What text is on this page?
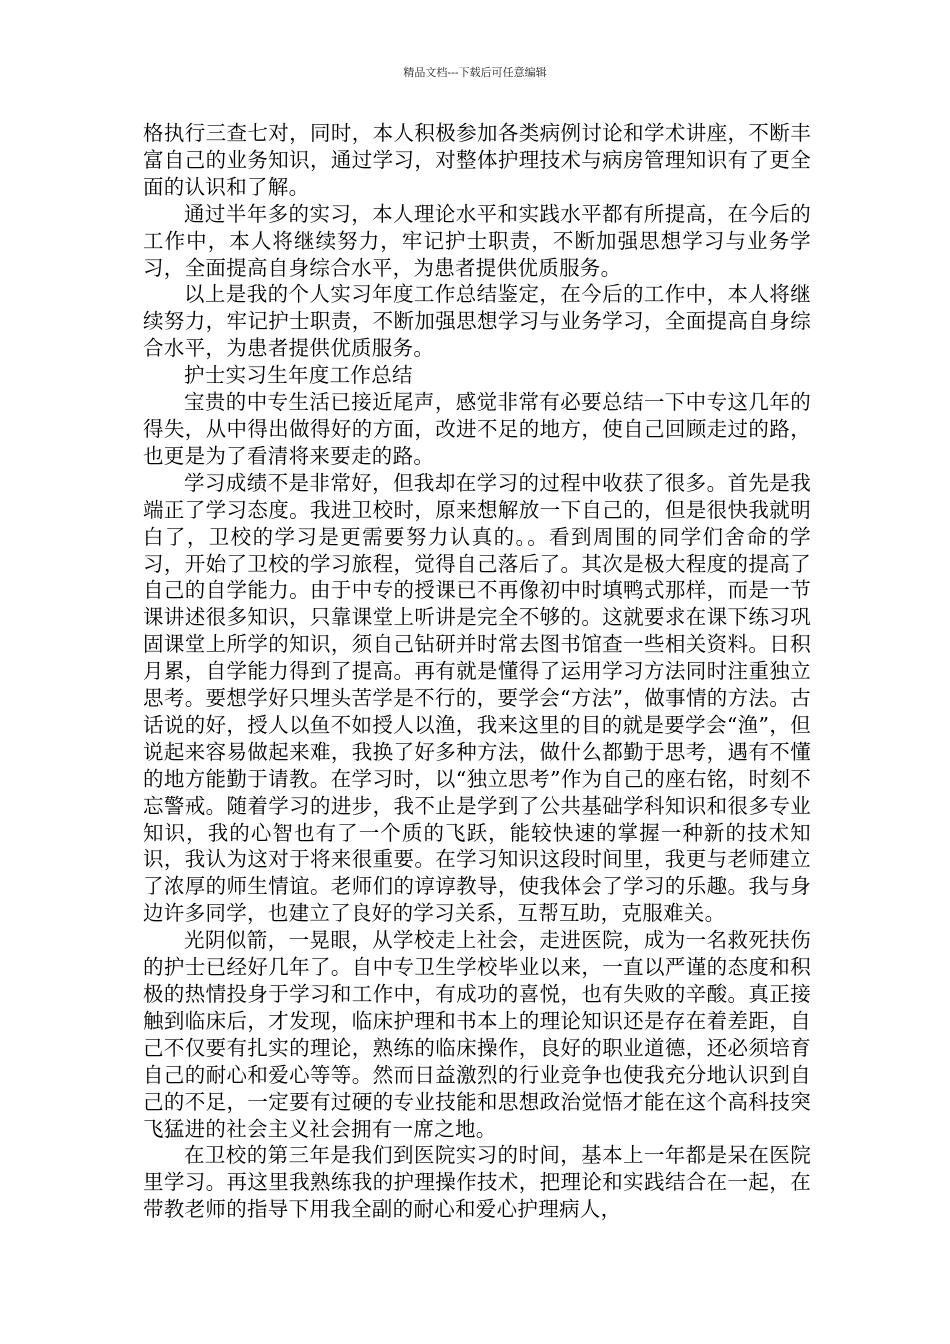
精品文档---下载后可任意编辑

格执行三查七对，同时，本人积极参加各类病例讨论和学术讲座，不断丰富自己的业务知识，通过学习，对整体护理技术与病房管理知识有了更全面的认识和了解。

通过半年多的实习，本人理论水平和实践水平都有所提高，在今后的工作中，本人将继续努力，牢记护士职责，不断加强思想学习与业务学习，全面提高自身综合水平，为患者提供优质服务。

以上是我的个人实习年度工作总结鉴定，在今后的工作中，本人将继续努力，牢记护士职责，不断加强思想学习与业务学习，全面提高自身综合水平，为患者提供优质服务。

护士实习生年度工作总结

宝贵的中专生活已接近尾声，感觉非常有必要总结一下中专这几年的得失，从中得出做得好的方面，改进不足的地方，使自己回顾走过的路，也更是为了看清将来要走的路。

学习成绩不是非常好，但我却在学习的过程中收获了很多。首先是我端正了学习态度。我进卫校时，原来想解放一下自己的，但是很快我就明白了，卫校的学习是更需要努力认真的。。看到周围的同学们舍命的学习，开始了卫校的学习旅程，觉得自己落后了。其次是极大程度的提高了自己的自学能力。由于中专的授课已不再像初中时填鸭式那样，而是一节课讲述很多知识，只靠课堂上听讲是完全不够的。这就要求在课下练习巩固课堂上所学的知识，须自己钻研并时常去图书馆查一些相关资料。日积月累，自学能力得到了提高。再有就是懂得了运用学习方法同时注重独立思考。要想学好只埋头苦学是不行的，要学会“方法”，做事情的方法。古话说的好，授人以鱼不如授人以渔，我来这里的目的就是要学会“渔”，但说起来容易做起来难，我换了好多种方法，做什么都勤于思考，遇有不懂的地方能勤于请教。在学习时，以“独立思考”作为自己的座右铭，时刻不忘警戒。随着学习的进步，我不止是学到了公共基础学科知识和很多专业知识，我的心智也有了一个质的飞跃，能较快速的掌握一种新的技术知识，我认为这对于将来很重要。在学习知识这段时间里，我更与老师建立了浓厚的师生情谊。老师们的谆谆教导，使我体会了学习的乐趣。我与身边许多同学，也建立了良好的学习关系，互帮互助，克服难关。

光阴似箭，一晃眼，从学校走上社会，走进医院，成为一名救死扶伤的护士已经好几年了。自中专卫生学校毕业以来，一直以严谨的态度和积极的热情投身于学习和工作中，有成功的喜悦，也有失败的辛酸。真正接触到临床后，才发现，临床护理和书本上的理论知识还是存在着差距，自己不仅要有扎实的理论，熟练的临床操作，良好的职业道德，还必须培育自己的耐心和爱心等等。然而日益激烈的行业竞争也使我充分地认识到自己的不足，一定要有过硬的专业技能和思想政治觉悟才能在这个高科技突飞猛进的社会主义社会拥有一席之地。

在卫校的第三年是我们到医院实习的时间，基本上一年都是呆在医院里学习。再这里我熟练我的护理操作技术，把理论和实践结合在一起，在带教老师的指导下用我全副的耐心和爱心护理病人，
